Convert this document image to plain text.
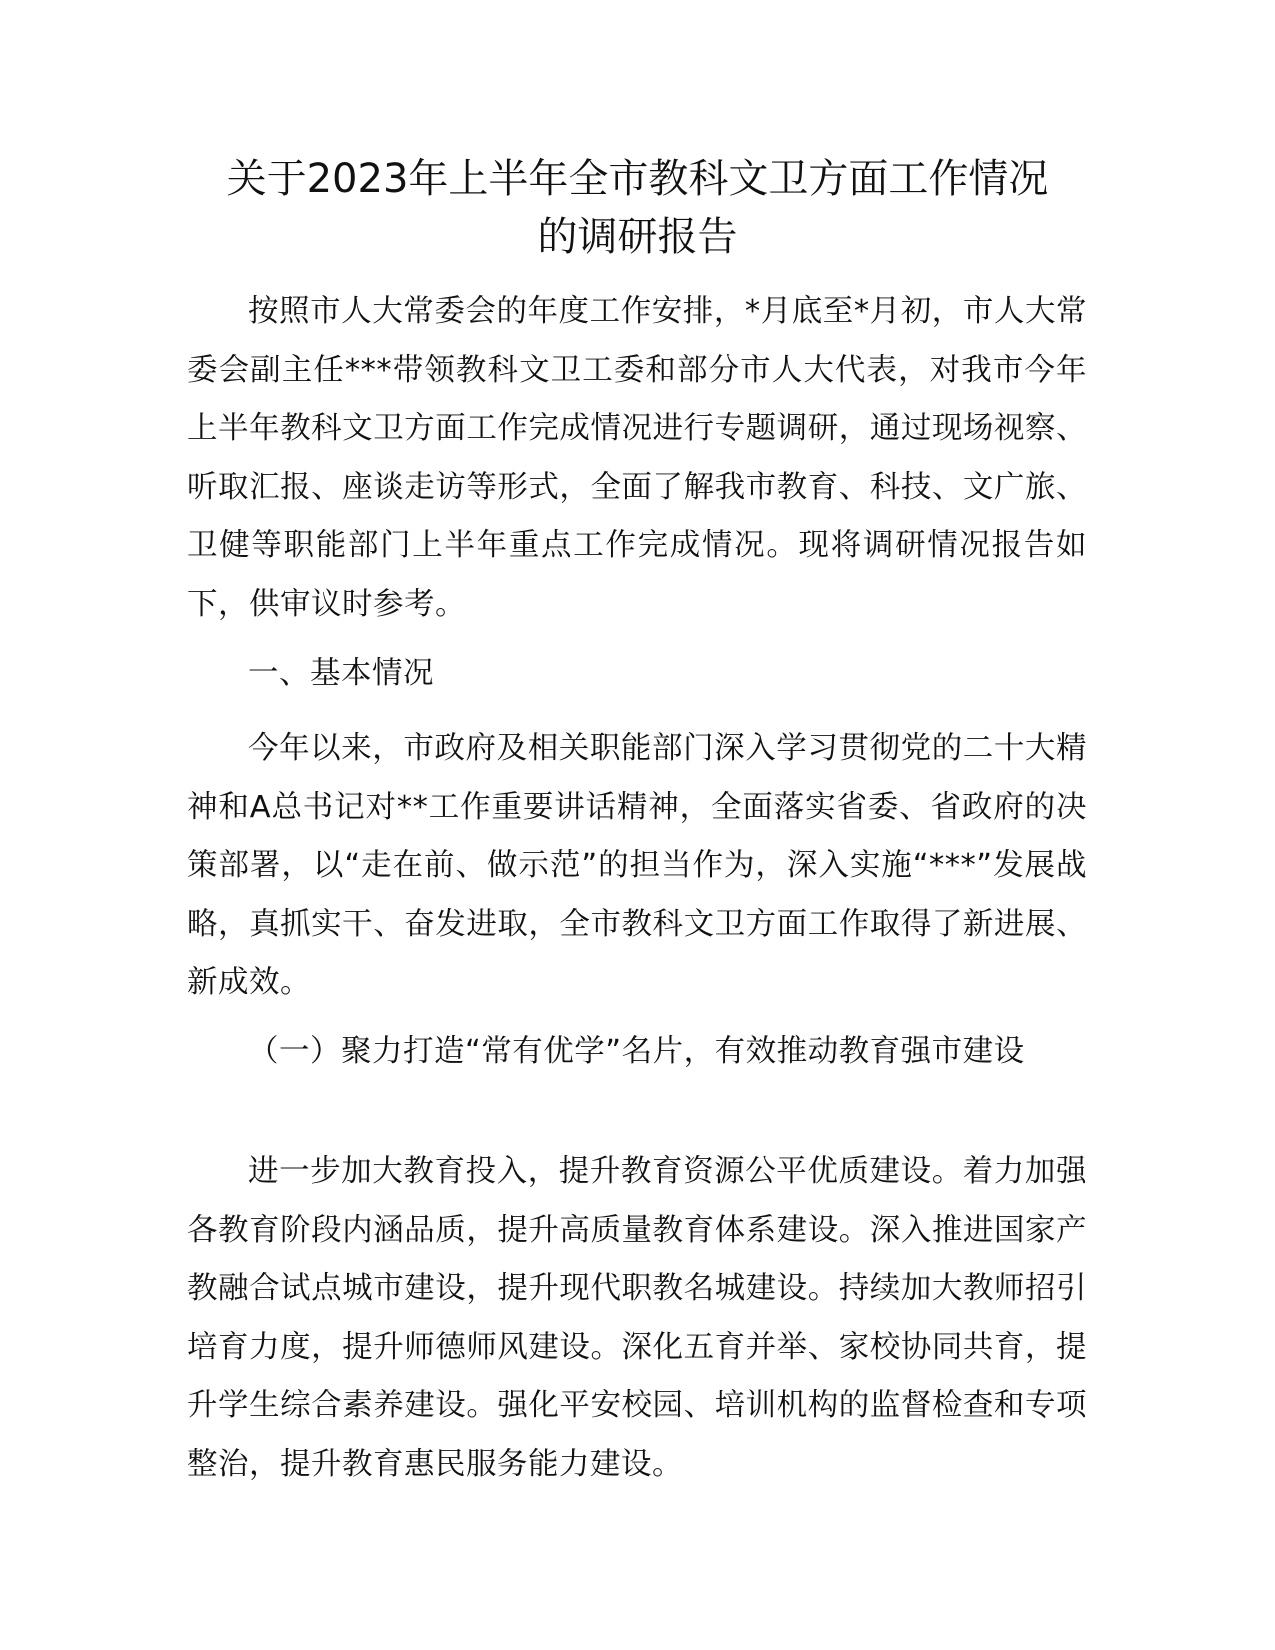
关于2023年上半年全市教科文卫方面工作情况
的调研报告

按照市人大常委会的年度工作安排，*月底至*月初，市人大常委会副主任***带领教科文卫工委和部分市人大代表，对我市今年上半年教科文卫方面工作完成情况进行专题调研，通过现场视察、听取汇报、座谈走访等形式，全面了解我市教育、科技、文广旅、卫健等职能部门上半年重点工作完成情况。现将调研情况报告如下，供审议时参考。

一、基本情况

今年以来，市政府及相关职能部门深入学习贯彻党的二十大精神和A总书记对**工作重要讲话精神，全面落实省委、省政府的决策部署，以“走在前、做示范”的担当作为，深入实施“***”发展战略，真抓实干、奋发进取，全市教科文卫方面工作取得了新进展、新成效。

（一）聚力打造“常有优学”名片，有效推动教育强市建设

进一步加大教育投入，提升教育资源公平优质建设。着力加强各教育阶段内涵品质，提升高质量教育体系建设。深入推进国家产教融合试点城市建设，提升现代职教名城建设。持续加大教师招引培育力度，提升师德师风建设。深化五育并举、家校协同共育，提升学生综合素养建设。强化平安校园、培训机构的监督检查和专项整治，提升教育惠民服务能力建设。
